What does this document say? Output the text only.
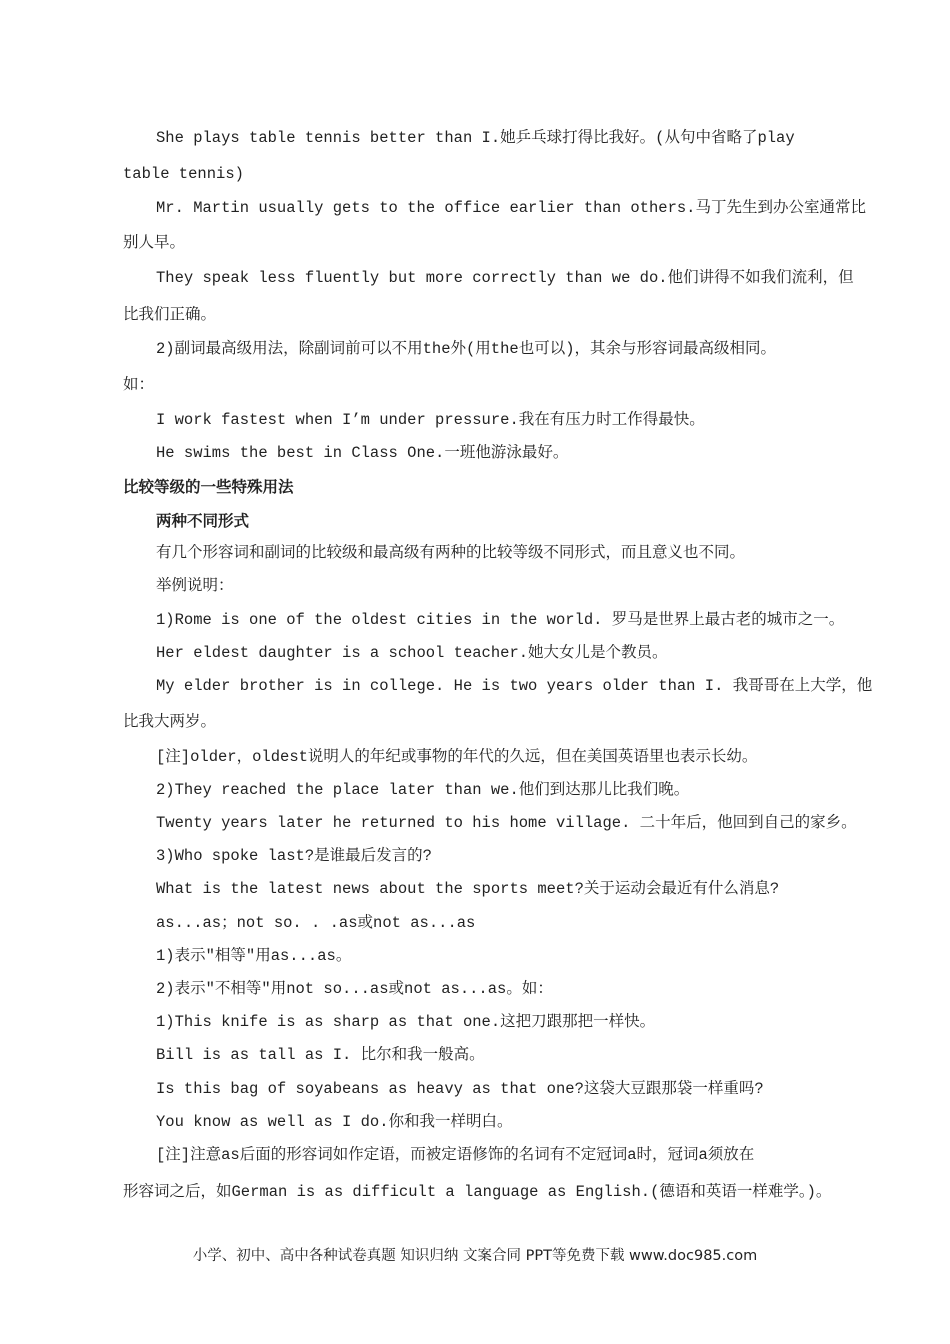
She plays table tennis better than I.她乒乓球打得比我好。(从句中省略了play
table tennis)
Mr. Martin usually gets to the office earlier than others.马丁先生到办公室通常比
别人早。
They speak less fluently but more correctly than we do.他们讲得不如我们流利，但
比我们正确。
2)副词最高级用法，除副词前可以不用the外(用the也可以)，其余与形容词最高级相同。
如：
I work fastest when I’m under pressure.我在有压力时工作得最快。
He swims the best in Class One.一班他游泳最好。
比较等级的一些特殊用法
两种不同形式
有几个形容词和副词的比较级和最高级有两种的比较等级不同形式，而且意义也不同。
举例说明：
1)Rome is one of the oldest cities in the world. 罗马是世界上最古老的城市之一。
Her eldest daughter is a school teacher.她大女儿是个教员。
My elder brother is in college. He is two years older than I. 我哥哥在上大学，他
比我大两岁。
[注]older，oldest说明人的年纪或事物的年代的久远，但在美国英语里也表示长幼。
2)They reached the place later than we.他们到达那儿比我们晚。
Twenty years later he returned to his home village. 二十年后，他回到自己的家乡。
3)Who spoke last?是谁最后发言的?
What is the latest news about the sports meet?关于运动会最近有什么消息?
as...as；not so. . .as或not as...as
1)表示"相等"用as...as。
2)表示"不相等"用not so...as或not as...as。如：
1)This knife is as sharp as that one.这把刀跟那把一样快。
Bill is as tall as I. 比尔和我一般高。
Is this bag of soyabeans as heavy as that one?这袋大豆跟那袋一样重吗?
You know as well as I do.你和我一样明白。
[注]注意as后面的形容词如作定语，而被定语修饰的名词有不定冠词a时，冠词a须放在
形容词之后，如German is as difficult a language as English.(德语和英语一样难学。)。
小学、初中、高中各种试卷真题 知识归纳 文案合同 PPT等免费下载 www.doc985.com
